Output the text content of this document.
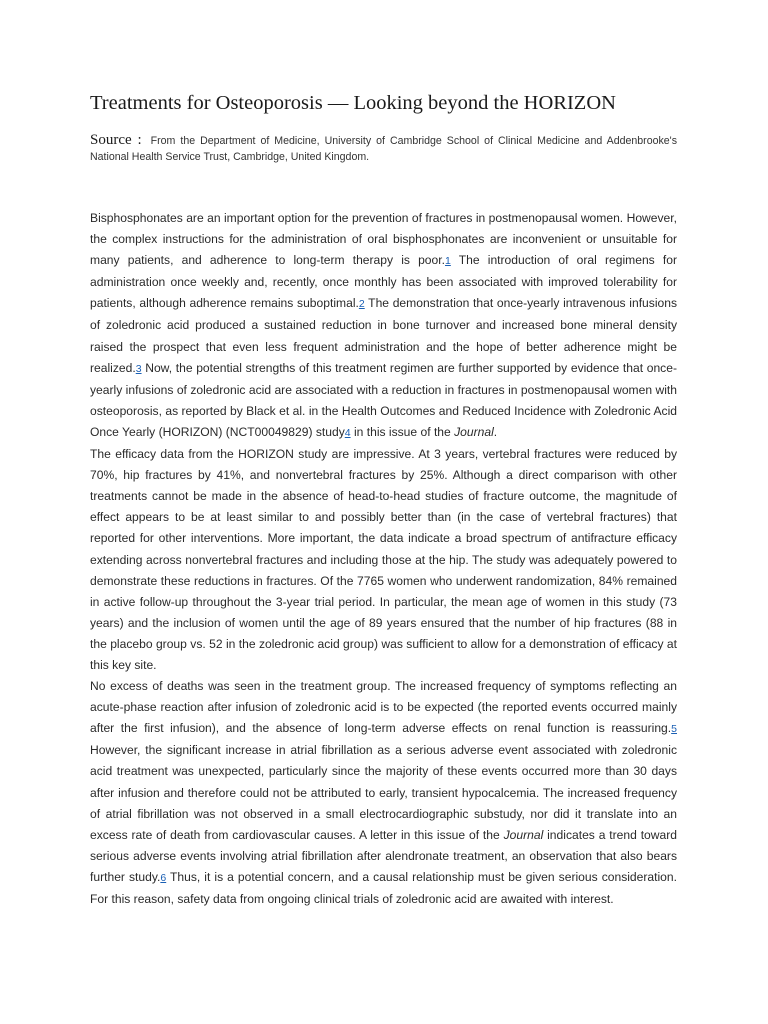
Treatments for Osteoporosis — Looking beyond the HORIZON
Source : From the Department of Medicine, University of Cambridge School of Clinical Medicine and Addenbrooke's National Health Service Trust, Cambridge, United Kingdom.

Bisphosphonates are an important option for the prevention of fractures in postmenopausal women. However, the complex instructions for the administration of oral bisphosphonates are inconvenient or unsuitable for many patients, and adherence to long-term therapy is poor.1 The introduction of oral regimens for administration once weekly and, recently, once monthly has been associated with improved tolerability for patients, although adherence remains suboptimal.2 The demonstration that once-yearly intravenous infusions of zoledronic acid produced a sustained reduction in bone turnover and increased bone mineral density raised the prospect that even less frequent administration and the hope of better adherence might be realized.3 Now, the potential strengths of this treatment regimen are further supported by evidence that once-yearly infusions of zoledronic acid are associated with a reduction in fractures in postmenopausal women with osteoporosis, as reported by Black et al. in the Health Outcomes and Reduced Incidence with Zoledronic Acid Once Yearly (HORIZON) (NCT00049829) study4 in this issue of the Journal.

The efficacy data from the HORIZON study are impressive. At 3 years, vertebral fractures were reduced by 70%, hip fractures by 41%, and nonvertebral fractures by 25%. Although a direct comparison with other treatments cannot be made in the absence of head-to-head studies of fracture outcome, the magnitude of effect appears to be at least similar to and possibly better than (in the case of vertebral fractures) that reported for other interventions. More important, the data indicate a broad spectrum of antifracture efficacy extending across nonvertebral fractures and including those at the hip. The study was adequately powered to demonstrate these reductions in fractures. Of the 7765 women who underwent randomization, 84% remained in active follow-up throughout the 3-year trial period. In particular, the mean age of women in this study (73 years) and the inclusion of women until the age of 89 years ensured that the number of hip fractures (88 in the placebo group vs. 52 in the zoledronic acid group) was sufficient to allow for a demonstration of efficacy at this key site.

No excess of deaths was seen in the treatment group. The increased frequency of symptoms reflecting an acute-phase reaction after infusion of zoledronic acid is to be expected (the reported events occurred mainly after the first infusion), and the absence of long-term adverse effects on renal function is reassuring.5 However, the significant increase in atrial fibrillation as a serious adverse event associated with zoledronic acid treatment was unexpected, particularly since the majority of these events occurred more than 30 days after infusion and therefore could not be attributed to early, transient hypocalcemia. The increased frequency of atrial fibrillation was not observed in a small electrocardiographic substudy, nor did it translate into an excess rate of death from cardiovascular causes. A letter in this issue of the Journal indicates a trend toward serious adverse events involving atrial fibrillation after alendronate treatment, an observation that also bears further study.6 Thus, it is a potential concern, and a causal relationship must be given serious consideration. For this reason, safety data from ongoing clinical trials of zoledronic acid are awaited with interest.
